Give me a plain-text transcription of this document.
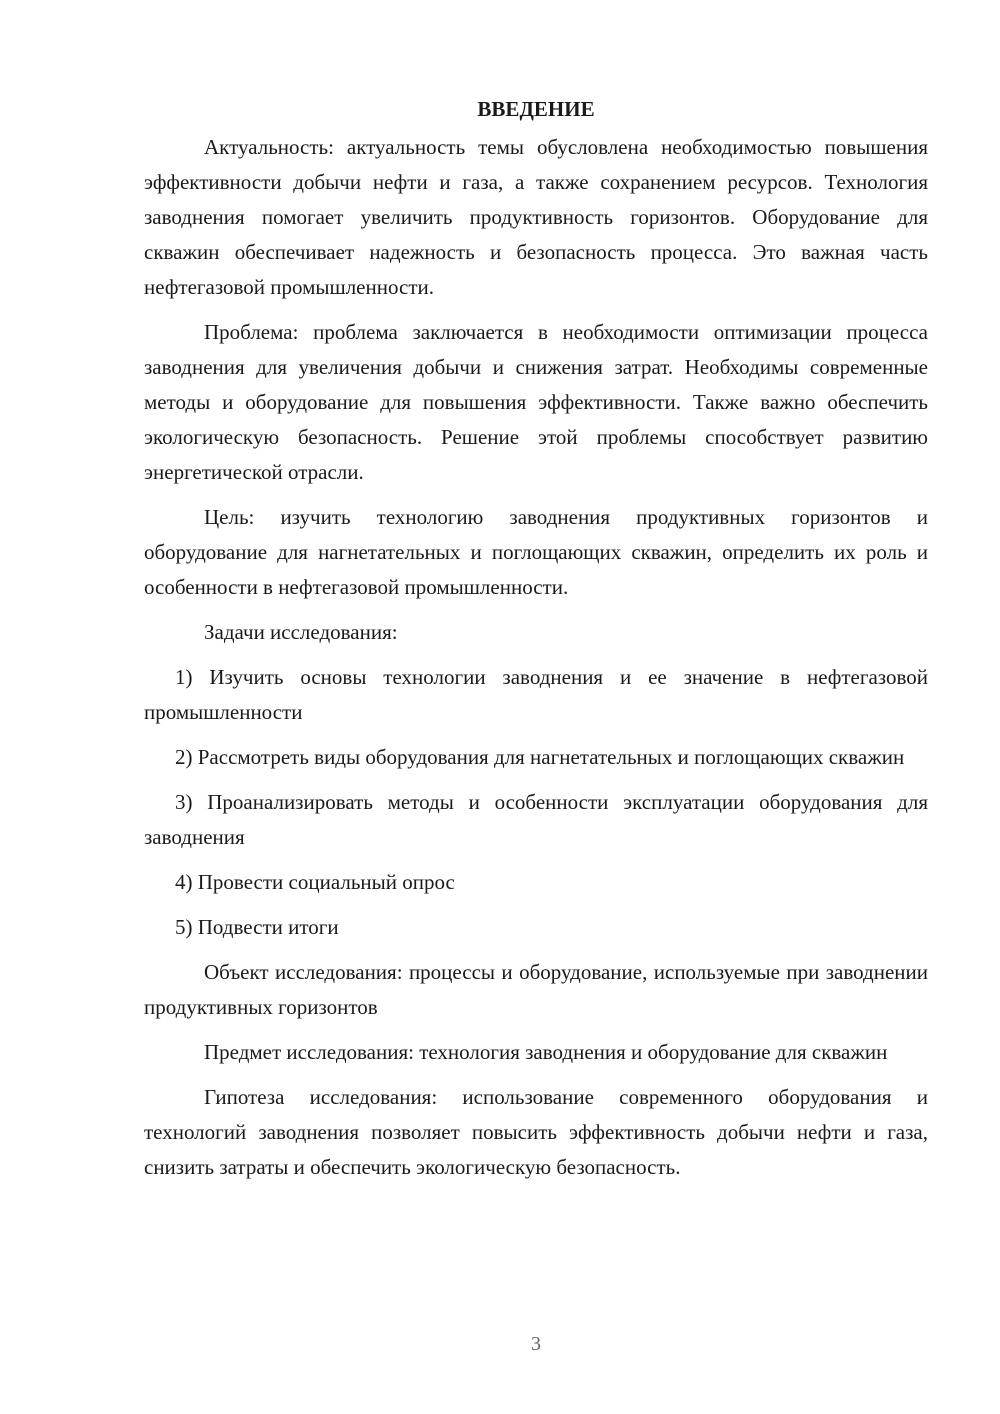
ВВЕДЕНИЕ

Актуальность: актуальность темы обусловлена необходимостью повышения эффективности добычи нефти и газа, а также сохранением ресурсов. Технология заводнения помогает увеличить продуктивность горизонтов. Оборудование для скважин обеспечивает надежность и безопасность процесса. Это важная часть нефтегазовой промышленности.

Проблема: проблема заключается в необходимости оптимизации процесса заводнения для увеличения добычи и снижения затрат. Необходимы современные методы и оборудование для повышения эффективности. Также важно обеспечить экологическую безопасность. Решение этой проблемы способствует развитию энергетической отрасли.

Цель: изучить технологию заводнения продуктивных горизонтов и оборудование для нагнетательных и поглощающих скважин, определить их роль и особенности в нефтегазовой промышленности.

Задачи исследования:

1) Изучить основы технологии заводнения и ее значение в нефтегазовой промышленности

2) Рассмотреть виды оборудования для нагнетательных и поглощающих скважин

3) Проанализировать методы и особенности эксплуатации оборудования для заводнения

4) Провести социальный опрос

5) Подвести итоги

Объект исследования: процессы и оборудование, используемые при заводнении продуктивных горизонтов

Предмет исследования: технология заводнения и оборудование для скважин

Гипотеза исследования: использование современного оборудования и технологий заводнения позволяет повысить эффективность добычи нефти и газа, снизить затраты и обеспечить экологическую безопасность.

3
